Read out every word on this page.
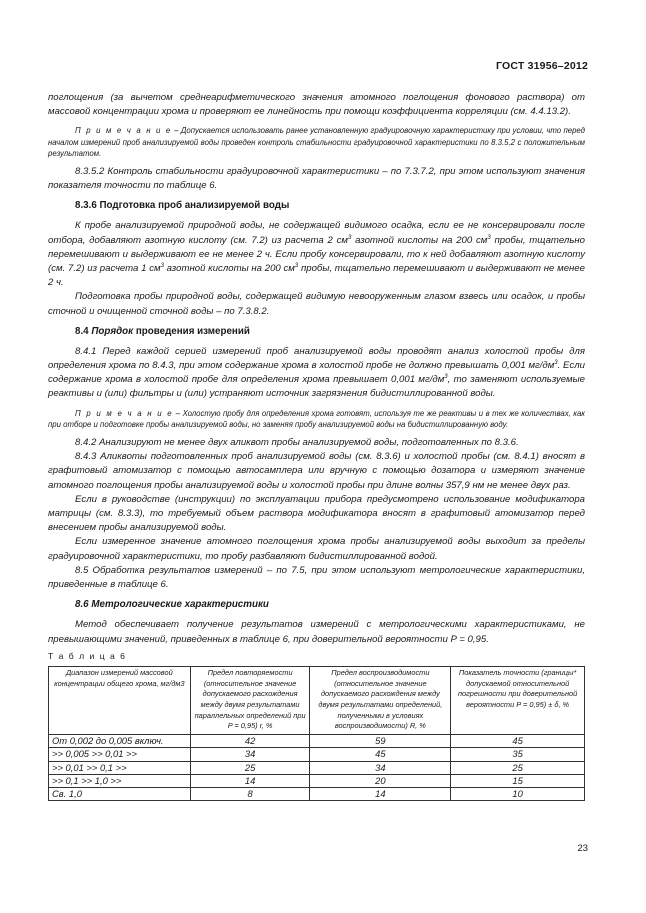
ГОСТ 31956–2012

поглощения (за вычетом среднеарифметического значения атомного поглощения фонового раствора) от массовой концентрации хрома и проверяют ее линейность при помощи коэффициента корреляции (см. 4.4.13.2).

П р и м е ч а н и е – Допускается использовать ранее установленную градуировочную характеристику при условии, что перед началом измерений проб анализируемой воды проведен контроль стабильности градуировочной характеристики по 8.3.5.2 с положительным результатом.

8.3.5.2 Контроль стабильности градуировочной характеристики – по 7.3.7.2, при этом используют значения показателя точности по таблице 6.

8.3.6 Подготовка проб анализируемой воды

К пробе анализируемой природной воды, не содержащей видимого осадка, если ее не консервировали после отбора, добавляют азотную кислоту (см. 7.2) из расчета 2 $см^3$ азотной кислоты на 200 $см^3$ пробы, тщательно перемешивают и выдерживают ее не менее 2 ч. Если пробу консервировали, то к ней добавляют азотную кислоту (см. 7.2) из расчета 1 $см^3$ азотной кислоты на 200 $см^3$ пробы, тщательно перемешивают и выдерживают не менее 2 ч.

Подготовка пробы природной воды, содержащей видимую невооруженным глазом взвесь или осадок, и пробы сточной и очищенной сточной воды – по 7.3.8.2.

8.4 Порядок проведения измерений

8.4.1 Перед каждой серией измерений проб анализируемой воды проводят анализ холостой пробы для определения хрома по 8.4.3, при этом содержание хрома в холостой пробе не должно превышать 0,001 $мг/дм^3$. Если содержание хрома в холостой пробе для определения хрома превышает 0,001 $мг/дм^3$, то заменяют используемые реактивы и (или) фильтры и (или) устраняют источник загрязнения бидистиллированной воды.

П р и м е ч а н и е – Холостую пробу для определения хрома готовят, используя те же реактивы и в тех же количествах, как при отборе и подготовке пробы анализируемой воды, но заменяя пробу анализируемой воды на бидистиллированную воду.

8.4.2 Анализируют не менее двух аликвот пробы анализируемой воды, подготовленных по 8.3.6.

8.4.3 Аликвоты подготовленных проб анализируемой воды (см. 8.3.6) и холостой пробы (см. 8.4.1) вносят в графитовый атомизатор с помощью автосамплера или вручную с помощью дозатора и измеряют значение атомного поглощения пробы анализируемой воды и холостой пробы при длине волны 357,9 нм не менее двух раз.

Если в руководстве (инструкции) по эксплуатации прибора предусмотрено использование модификатора матрицы (см. 8.3.3), то требуемый объем раствора модификатора вносят в графитовый атомизатор перед внесением пробы анализируемой воды.

Если измеренное значение атомного поглощения хрома пробы анализируемой воды выходит за пределы градуировочной характеристики, то пробу разбавляют бидистиллированной водой.

8.5 Обработка результатов измерений – по 7.5, при этом используют метрологические характеристики, приведенные в таблице 6.

8.6 Метрологические характеристики

Метод обеспечивает получение результатов измерений с метрологическими характеристиками, не превышающими значений, приведенных в таблице 6, при доверительной вероятности P = 0,95.

Т а б л и ц а 6
Диапазон измерений массовой концентрации общего хрома, мг/дм3	Предел повторяемости (относительное значение допускаемого расхождения между двумя результатами параллельных определений при P = 0,95) r, %	Предел воспроизводимости (относительное значение допускаемого расхождения между двумя результатами определений, полученными в условиях воспроизводимости) R, %	Показатель точности (границы* допускаемой относительной погрешности при доверительной вероятности P = 0,95) ± δ, %
От 0,002 до 0,005 включ.	42	59	45
>> 0,005 >> 0,01 >>	34	45	35
>> 0,01 >> 0,1 >>	25	34	25
>> 0,1 >> 1,0 >>	14	20	15
Св. 1,0	8	14	10
23
